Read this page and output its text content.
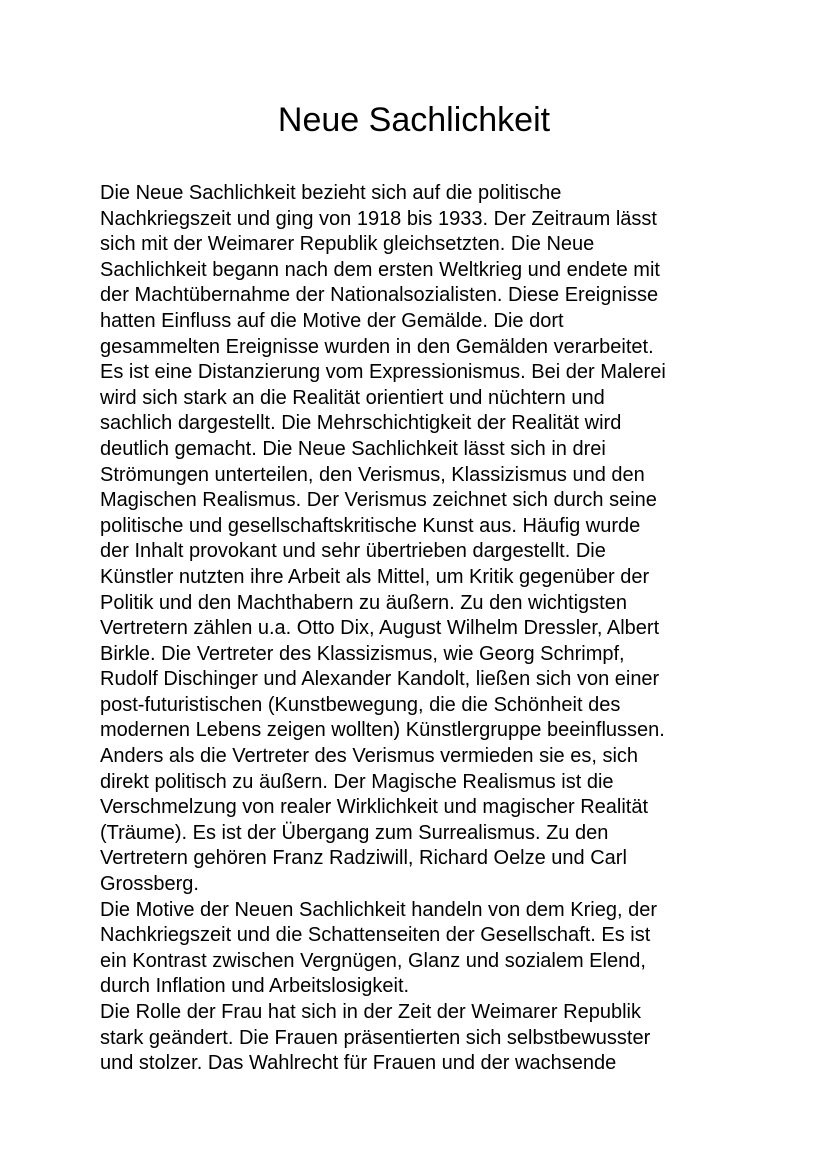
Neue Sachlichkeit
Die Neue Sachlichkeit bezieht sich auf die politische
Nachkriegszeit und ging von 1918 bis 1933. Der Zeitraum lässt
sich mit der Weimarer Republik gleichsetzten. Die Neue
Sachlichkeit begann nach dem ersten Weltkrieg und endete mit
der Machtübernahme der Nationalsozialisten. Diese Ereignisse
hatten Einfluss auf die Motive der Gemälde. Die dort
gesammelten Ereignisse wurden in den Gemälden verarbeitet.
Es ist eine Distanzierung vom Expressionismus. Bei der Malerei
wird sich stark an die Realität orientiert und nüchtern und
sachlich dargestellt. Die Mehrschichtigkeit der Realität wird
deutlich gemacht. Die Neue Sachlichkeit lässt sich in drei
Strömungen unterteilen, den Verismus, Klassizismus und den
Magischen Realismus. Der Verismus zeichnet sich durch seine
politische und gesellschaftskritische Kunst aus. Häufig wurde
der Inhalt provokant und sehr übertrieben dargestellt. Die
Künstler nutzten ihre Arbeit als Mittel, um Kritik gegenüber der
Politik und den Machthabern zu äußern. Zu den wichtigsten
Vertretern zählen u.a. Otto Dix, August Wilhelm Dressler, Albert
Birkle. Die Vertreter des Klassizismus, wie Georg Schrimpf,
Rudolf Dischinger und Alexander Kandolt, ließen sich von einer
post-futuristischen (Kunstbewegung, die die Schönheit des
modernen Lebens zeigen wollten) Künstlergruppe beeinflussen.
Anders als die Vertreter des Verismus vermieden sie es, sich
direkt politisch zu äußern. Der Magische Realismus ist die
Verschmelzung von realer Wirklichkeit und magischer Realität
(Träume). Es ist der Übergang zum Surrealismus. Zu den
Vertretern gehören Franz Radziwill, Richard Oelze und Carl
Grossberg.
Die Motive der Neuen Sachlichkeit handeln von dem Krieg, der
Nachkriegszeit und die Schattenseiten der Gesellschaft. Es ist
ein Kontrast zwischen Vergnügen, Glanz und sozialem Elend,
durch Inflation und Arbeitslosigkeit.
Die Rolle der Frau hat sich in der Zeit der Weimarer Republik
stark geändert. Die Frauen präsentierten sich selbstbewusster
und stolzer. Das Wahlrecht für Frauen und der wachsende
